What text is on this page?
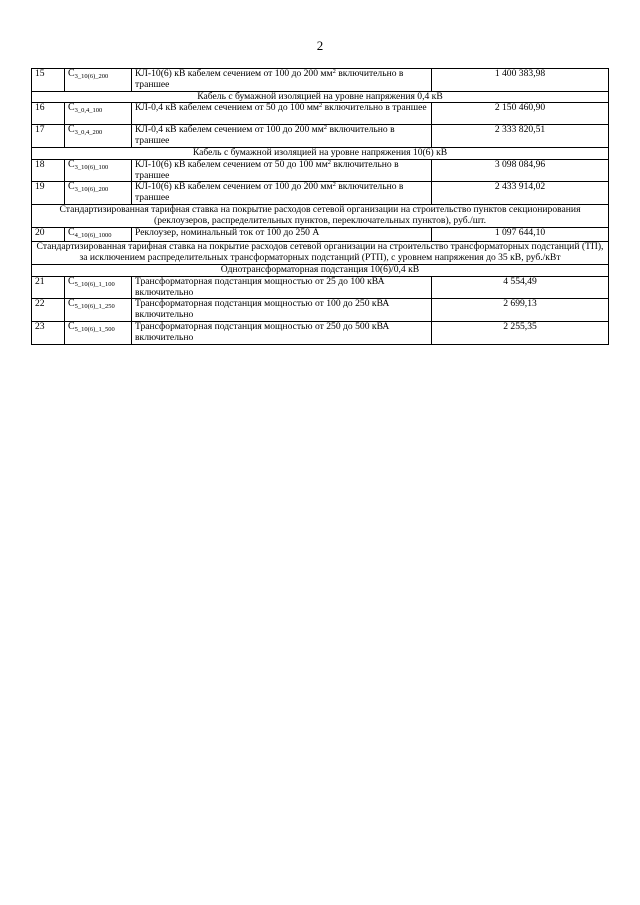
2
15	$C_{3\_10(6)\_200}$	КЛ-10(6) кВ кабелем сечением от 100 до 200 $мм^2$ включительно в траншее	1 400 383,98
Кабель с бумажной изоляцией на уровне напряжения 0,4 кВ			
16	$C_{3\_0,4\_100}$	КЛ-0,4 кВ кабелем сечением от 50 до 100 $мм^2$ включительно в траншее	2 150 460,90
17	$C_{3\_0,4\_200}$	КЛ-0,4 кВ кабелем сечением от 100 до 200 $мм^2$ включительно в траншее	2 333 820,51
Кабель с бумажной изоляцией на уровне напряжения 10(6) кВ			
18	$C_{3\_10(6)\_100}$	КЛ-10(6) кВ кабелем сечением от 50 до 100 $мм^2$ включительно в траншее	3 098 084,96
19	$C_{3\_10(6)\_200}$	КЛ-10(6) кВ кабелем сечением от 100 до 200 $мм^2$ включительно в траншее	2 433 914,02
Стандартизированная тарифная ставка на покрытие расходов сетевой организации на строительство пунктов секционирования (реклоузеров, распределительных пунктов, переключательных пунктов), руб./шт.			
20	$C_{4\_10(6)\_1000}$	Реклоузер, номинальный ток от 100 до 250 А	1 097 644,10
Стандартизированная тарифная ставка на покрытие расходов сетевой организации на строительство трансформаторных подстанций (ТП), за исключением распределительных трансформаторных подстанций (РТП), с уровнем напряжения до 35 кВ, руб./кВт			
Однотрансформаторная подстанция 10(6)/0,4 кВ			
21	$C_{5\_10(6)\_1\_100}$	Трансформаторная подстанция мощностью от 25 до 100 кВА включительно	4 554,49
22	$C_{5\_10(6)\_1\_250}$	Трансформаторная подстанция мощностью от 100 до 250 кВА включительно	2 699,13
23	$C_{5\_10(6)\_1\_500}$	Трансформаторная подстанция мощностью от 250 до 500 кВА включительно	2 255,35
